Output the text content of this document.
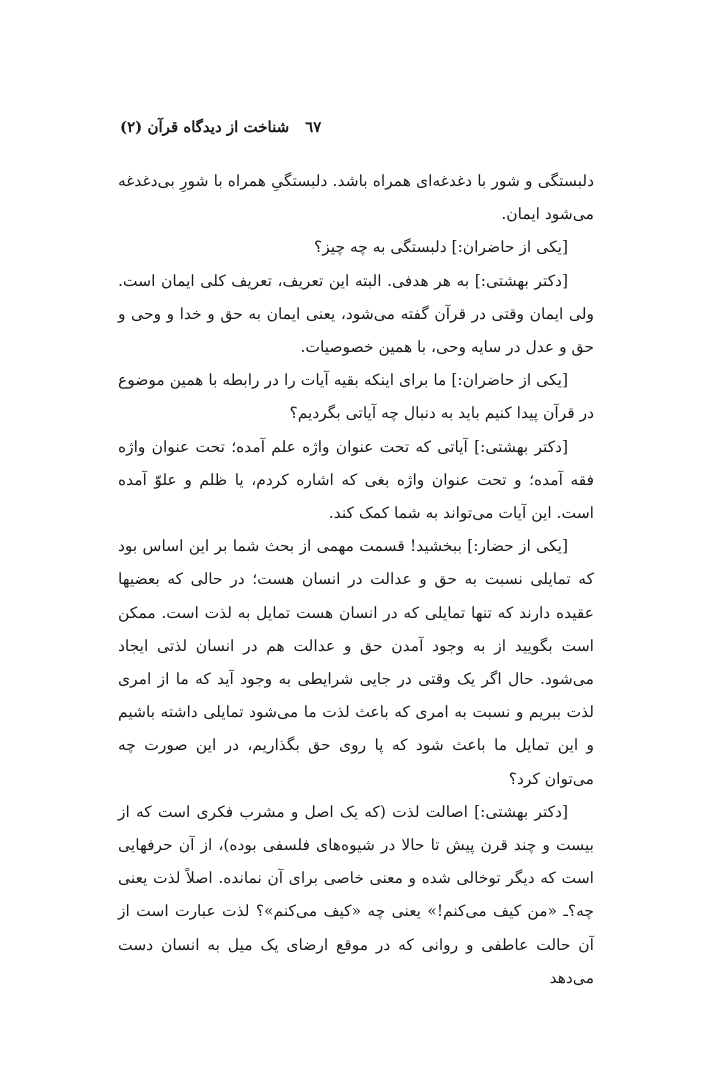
شناخت از دیدگاه قرآن (۲) ٦٧

دلبستگی و شور با دغدغه‌ای همراه باشد. دلبستگیِ همراه با شورِ بی‌دغدغه می‌شود ایمان.

[یکی از حاضران:] دلبستگی به چه چیز؟

[دکتر بهشتی:] به هر هدفی. البته این تعریف، تعریف کلی ایمان است. ولی ایمان وقتی در قرآن گفته می‌شود، یعنی ایمان به حق و خدا و وحی و حق و عدل در سایه وحی، با همین خصوصیات.

[یکی از حاضران:] ما برای اینکه بقیه آیات را در رابطه با همین موضوع در قرآن پیدا کنیم باید به دنبال چه آیاتی بگردیم؟

[دکتر بهشتی:] آیاتی که تحت عنوان واژه علم آمده؛ تحت عنوان واژه فقه آمده؛ و تحت عنوان واژه بغی که اشاره کردم، یا ظلم و علوّ آمده است. این آیات می‌تواند به شما کمک کند.

[یکی از حضار:] ببخشید! قسمت مهمی از بحث شما بر این اساس بود که تمایلی نسبت به حق و عدالت در انسان هست؛ در حالی که بعضیها عقیده دارند که تنها تمایلی که در انسان هست تمایل به لذت است. ممکن است بگویید از به وجود آمدن حق و عدالت هم در انسان لذتی ایجاد می‌شود. حال اگر یک وقتی در جایی شرایطی به وجود آید که ما از امری لذت ببریم و نسبت به امری که باعث لذت ما می‌شود تمایلی داشته باشیم و این تمایل ما باعث شود که پا روی حق بگذاریم، در این صورت چه می‌توان کرد؟

[دکتر بهشتی:] اصالت لذت (که یک اصل و مشرب فکری است که از بیست و چند قرن پیش تا حالا در شیوه‌های فلسفی بوده)، از آن حرفهایی است که دیگر توخالی شده و معنی خاصی برای آن نمانده. اصلاً لذت یعنی چه؟ـ «من کیف می‌کنم!» یعنی چه «کیف می‌کنم»؟ لذت عبارت است از آن حالت عاطفی و روانی که در موقع ارضای یک میل به انسان دست می‌دهد
